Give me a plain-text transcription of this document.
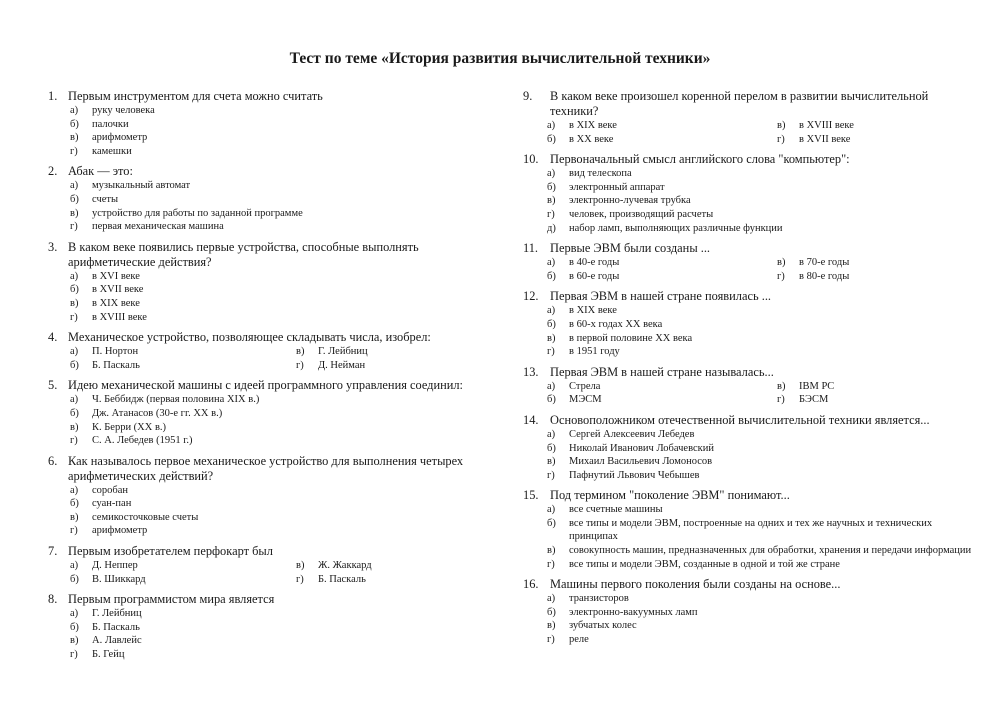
Тест по теме «История развития вычислительной техники»
1. Первым инструментом для счета можно считать
а)	руку человека
б)	палочки
в)	арифмометр
г)	камешки
2. Абак — это:
а)	музыкальный автомат
б)	счеты
в)	устройство для работы по заданной программе
г)	первая механическая машина
3. В каком веке появились первые устройства, способные выполнять арифметические действия?
а)	в XVI веке
б)	в XVII веке
в)	в XIX веке
г)	в XVIII веке
4. Механическое устройство, позволяющее складывать числа, изобрел:
а)	П. Нортон	в)	Г. Лейбниц
б)	Б. Паскаль	г)	Д. Нейман
5. Идею механической машины с идеей программного управления соединил:
а)	Ч. Беббидж (первая половина XIX в.)
б)	Дж. Атанасов (30-е гг. XX в.)
в)	К. Берри (XX в.)
г)	С. А. Лебедев (1951 г.)
6. Как называлось первое механическое устройство для выполнения четырех арифметических действий?
а)	соробан
б)	суан-пан
в)	семикосточковые счеты
г)	арифмометр
7. Первым изобретателем перфокарт был
а)	Д. Неппер	в)	Ж. Жаккард
б)	В. Шиккард	г)	Б. Паскаль
8. Первым программистом мира является
а)	Г. Лейбниц
б)	Б. Паскаль
в)	А. Лавлейс
г)	Б. Гейц
9.	В каком веке произошел коренной перелом в развитии вычислительной техники?
а)	в XIX веке	в)	в XVIII веке
б)	в XX веке	г)	в XVII веке
10. Первоначальный смысл английского слова "компьютер":
а)	вид телескопа
б)	электронный аппарат
в)	электронно-лучевая трубка
г)	человек, производящий расчеты
д)	набор ламп, выполняющих различные функции
11. Первые ЭВМ были созданы ...
а)	в 40-е годы	в)	в 70-е годы
б)	в 60-е годы	г)	в 80-е годы
12. Первая ЭВМ в нашей стране появилась ...
а)	в XIX веке
б)	в 60-х годах XX века
в)	в первой половине XX века
г)	в 1951 году
13. Первая ЭВМ в нашей стране называлась...
а)	Стрела	в)	IBM PC
б)	МЭСМ	г)	БЭСМ
14. Основоположником отечественной вычислительной техники является...
а)	Сергей Алексеевич Лебедев
б)	Николай Иванович Лобачевский
в)	Михаил Васильевич Ломоносов
г)	Пафнутий Львович Чебышев
15. Под термином "поколение ЭВМ" понимают...
а)	все счетные машины
б)	все типы и модели ЭВМ, построенные на одних и тех же научных и технических принципах
в)	совокупность машин, предназначенных для обработки, хранения и передачи информации
г)	все типы и модели ЭВМ, созданные в одной и той же стране
16. Машины первого поколения были созданы на основе...
а)	транзисторов
б)	электронно-вакуумных ламп
в)	зубчатых колес
г)	реле
